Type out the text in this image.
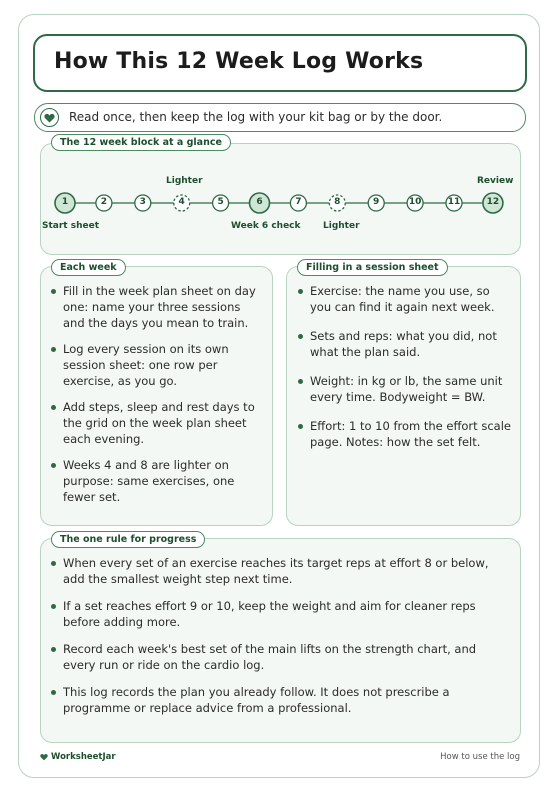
How This 12 Week Log Works
Read once, then keep the log with your kit bag or by the door.
The 12 week block at a glance
1	2	3	4	5	6	7	8	9	10	11	12
Start sheet
Lighter
Week 6 check	Lighter
Review
Each week
Fill in the week plan sheet on day one: name your three sessions and the days you mean to train.
Log every session on its own session sheet: one row per exercise, as you go.
Add steps, sleep and rest days to the grid on the week plan sheet each evening.
Weeks 4 and 8 are lighter on purpose: same exercises, one fewer set.
Filling in a session sheet
Exercise: the name you use, so you can find it again next week.
Sets and reps: what you did, not what the plan said.
Weight: in kg or lb, the same unit every time. Bodyweight = BW.
Effort: 1 to 10 from the effort scale page. Notes: how the set felt.
The one rule for progress
When every set of an exercise reaches its target reps at effort 8 or below, add the smallest weight step next time.
If a set reaches effort 9 or 10, keep the weight and aim for cleaner reps before adding more.
Record each week's best set of the main lifts on the strength chart, and every run or ride on the cardio log.
This log records the plan you already follow. It does not prescribe a programme or replace advice from a professional.
WorksheetJar	How to use the log
